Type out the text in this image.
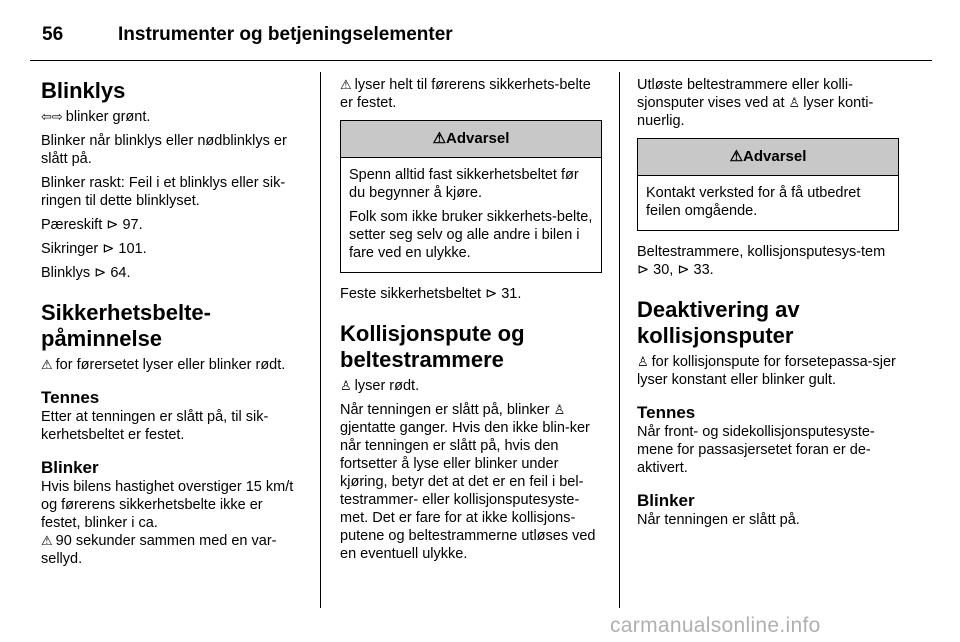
56	Instrumenter og betjeningselementer
Blinklys
⇦⇨ blinker grønt.
Blinker når blinklys eller nødblinklys er slått på.
Blinker raskt: Feil i et blinklys eller sik-ringen til dette blinklyset.
Pæreskift ⊳ 97.
Sikringer ⊳ 101.
Blinklys ⊳ 64.
Sikkerhetsbelte-påminnelse
⚠ for førersetet lyser eller blinker rødt.
Tennes
Etter at tenningen er slått på, til sik-kerhetsbeltet er festet.
Blinker
Hvis bilens hastighet overstiger 15 km/t og førerens sikkerhetsbelte ikke er festet, blinker i ca.
⚠ 90 sekunder sammen med en var-sellyd.
⚠ lyser helt til førerens sikkerhets-belte er festet.
⚠Advarsel
Spenn alltid fast sikkerhetsbeltet før du begynner å kjøre.
Folk som ikke bruker sikkerhets-belte, setter seg selv og alle andre i bilen i fare ved en ulykke.
Feste sikkerhetsbeltet ⊳ 31.
Kollisjonspute og beltestrammere
♙ lyser rødt.
Når tenningen er slått på, blinker ♙
gjentatte ganger. Hvis den ikke blin-ker når tenningen er slått på, hvis den fortsetter å lyse eller blinker under kjøring, betyr det at det er en feil i bel-testrammer- eller kollisjonsputesyste-met. Det er fare for at ikke kollisjons-putene og beltestrammerne utløses ved en eventuell ulykke.
Utløste beltestrammere eller kolli-sjonsputer vises ved at ♙ lyser konti-nuerlig.
⚠Advarsel
Kontakt verksted for å få utbedret feilen omgående.
Beltestrammere, kollisjonsputesys-tem ⊳ 30, ⊳ 33.
Deaktivering av kollisjonsputer
♙ for kollisjonspute for forsetepassa-sjer lyser konstant eller blinker gult.
Tennes
Når front- og sidekollisjonsputesyste-mene for passasjersetet foran er de-aktivert.
Blinker
Når tenningen er slått på.
carmanualsonline.info
